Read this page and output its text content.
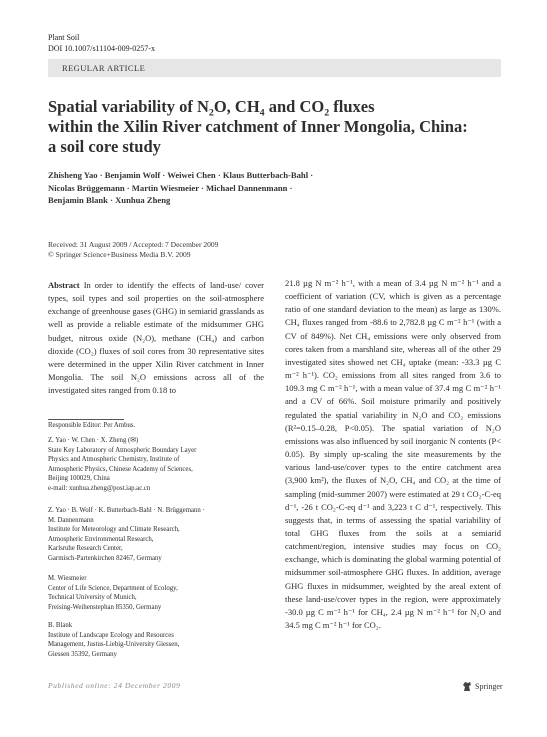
Plant Soil
DOI 10.1007/s11104-009-0257-x
REGULAR ARTICLE
Spatial variability of N₂O, CH₄ and CO₂ fluxes
within the Xilin River catchment of Inner Mongolia, China:
a soil core study
Zhisheng Yao · Benjamin Wolf · Weiwei Chen · Klaus Butterbach-Bahl ·
Nicolas Brüggemann · Martin Wiesmeier · Michael Dannenmann ·
Benjamin Blank · Xunhua Zheng
Received: 31 August 2009 / Accepted: 7 December 2009
© Springer Science+Business Media B.V. 2009
Abstract In order to identify the effects of land-use/ cover types, soil types and soil properties on the soil-atmosphere exchange of greenhouse gases (GHG) in semiarid grasslands as well as provide a reliable estimate of the midsummer GHG budget, nitrous oxide (N₂O), methane (CH₄) and carbon dioxide (CO₂) fluxes of soil cores from 30 representative sites were determined in the upper Xilin River catchment in Inner Mongolia. The soil N₂O emissions across all of the investigated sites ranged from 0.18 to
Responsible Editor: Per Ambus.
Z. Yao · W. Chen · X. Zheng (✉)
State Key Laboratory of Atmospheric Boundary Layer
Physics and Atmospheric Chemistry, Institute of
Atmospheric Physics, Chinese Academy of Sciences,
Beijing 100029, China
e-mail: xunhua.zheng@post.iap.ac.cn
Z. Yao · B. Wolf · K. Butterbach-Bahl · N. Brüggemann ·
M. Dannenmann
Institute for Meteorology and Climate Research,
Atmospheric Environmental Research,
Karlsruhe Research Center,
Garmisch-Partenkirchen 82467, Germany
M. Wiesmeier
Center of Life Science, Department of Ecology,
Technical University of Munich,
Freising-Weihenstephan 85350, Germany
B. Blank
Institute of Landscape Ecology and Resources
Management, Justus-Liebig-University Giessen,
Giessen 35392, Germany
21.8 µg N m⁻² h⁻¹, with a mean of 3.4 µg N m⁻² h⁻¹ and a coefficient of variation (CV, which is given as a percentage ratio of one standard deviation to the mean) as large as 130%. CH₄ fluxes ranged from -88.6 to 2,782.8 µg C m⁻² h⁻¹ (with a CV of 849%). Net CH₄ emissions were only observed from cores taken from a marshland site, whereas all of the other 29 investigated sites showed net CH₄ uptake (mean: -33.3 µg C m⁻² h⁻¹). CO₂ emissions from all sites ranged from 3.6 to 109.3 mg C m⁻² h⁻¹, with a mean value of 37.4 mg C m⁻² h⁻¹ and a CV of 66%. Soil moisture primarily and positively regulated the spatial variability in N₂O and CO₂ emissions (R²=0.15–0.28, P<0.05). The spatial variation of N₂O emissions was also influenced by soil inorganic N contents (P< 0.05). By simply up-scaling the site measurements by the various land-use/cover types to the entire catchment area (3,900 km²), the fluxes of N₂O, CH₄ and CO₂ at the time of sampling (mid-summer 2007) were estimated at 29 t CO₂-C-eq d⁻¹, -26 t CO₂-C-eq d⁻¹ and 3,223 t C d⁻¹, respectively. This suggests that, in terms of assessing the spatial variability of total GHG fluxes from the soils at a semiarid catchment/region, intensive studies may focus on CO₂ exchange, which is dominating the global warming potential of midsummer soil-atmosphere GHG fluxes. In addition, average GHG fluxes in midsummer, weighted by the areal extent of these land-use/cover types in the region, were approximately -30.0 µg C m⁻² h⁻¹ for CH₄, 2.4 µg N m⁻² h⁻¹ for N₂O and 34.5 mg C m⁻² h⁻¹ for CO₂.
Published online: 24 December 2009	Springer
